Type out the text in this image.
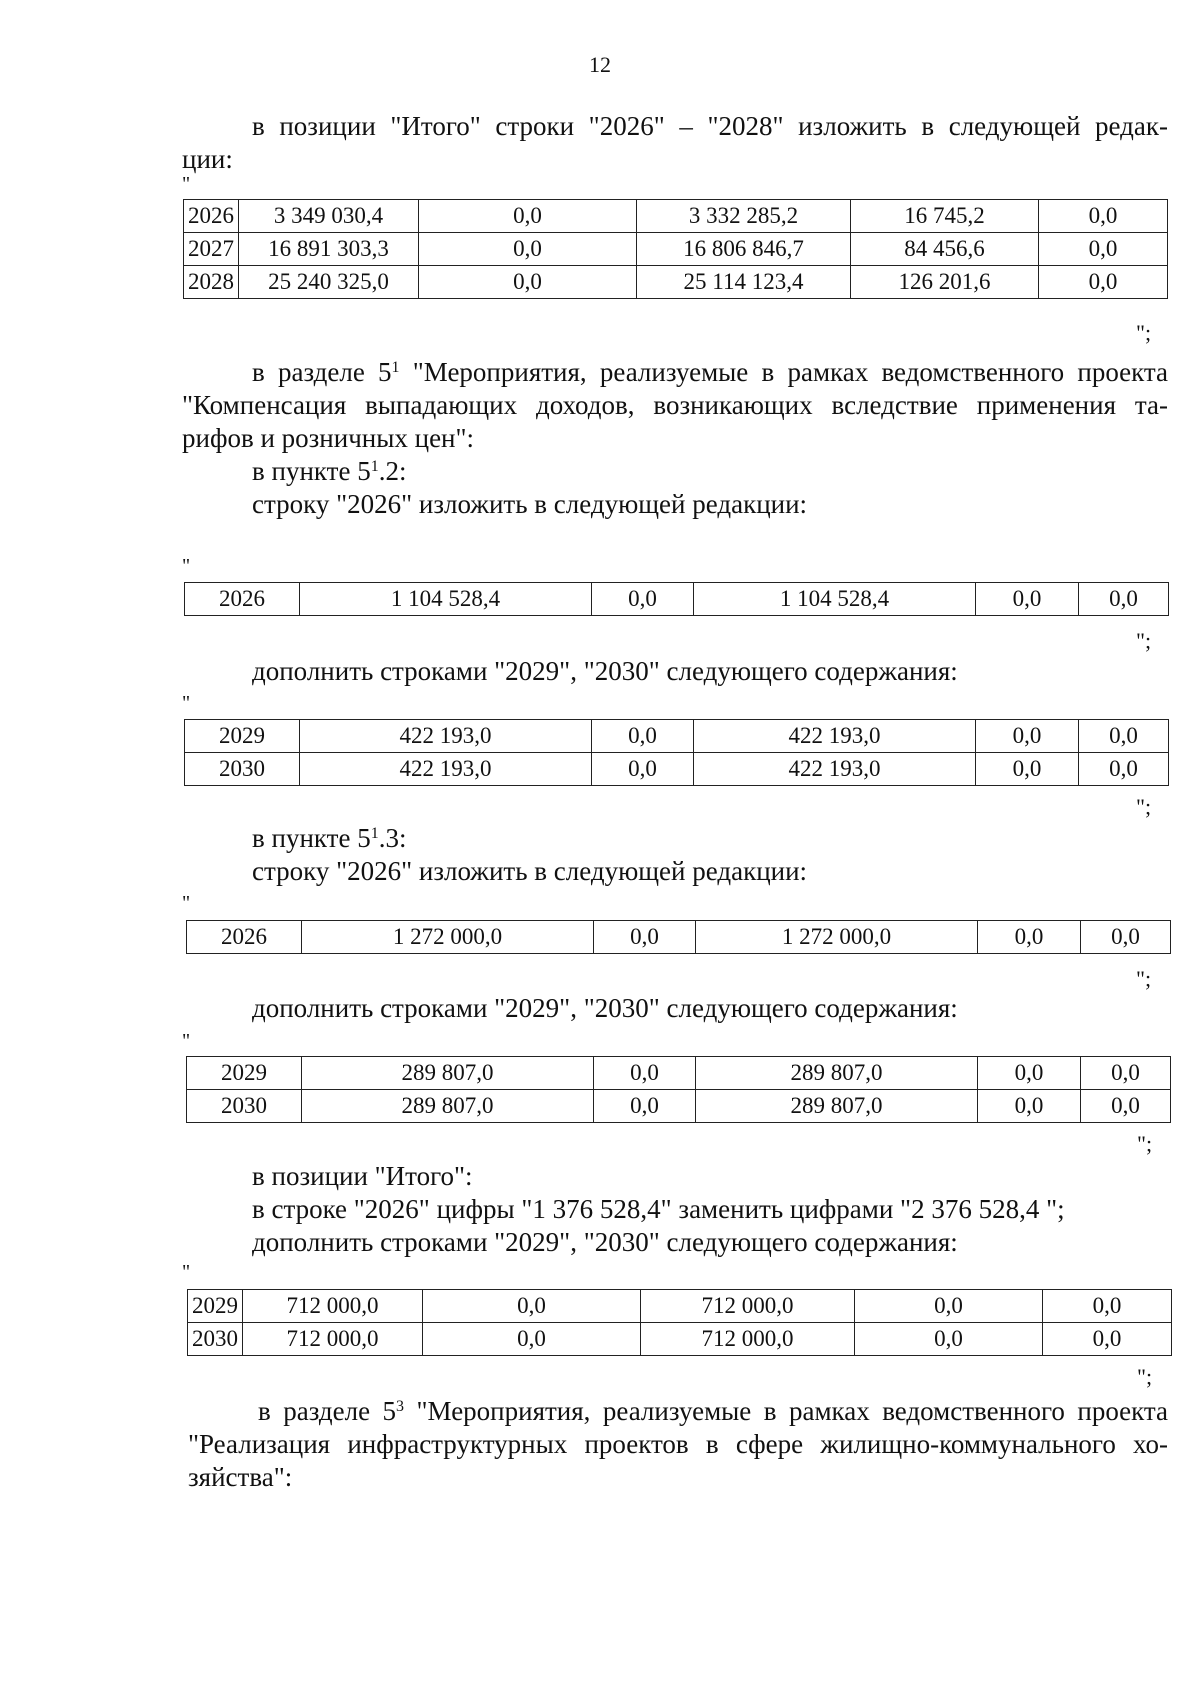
12
в позиции "Итого" строки "2026" – "2028" изложить в следующей редак-
ции:
"
2026	3 349 030,4	0,0	3 332 285,2	16 745,2	0,0
2027	16 891 303,3	0,0	16 806 846,7	84 456,6	0,0
2028	25 240 325,0	0,0	25 114 123,4	126 201,6	0,0
";
в разделе $5^1$ "Мероприятия, реализуемые в рамках ведомственного проекта
"Компенсация выпадающих доходов, возникающих вследствие применения та-
рифов и розничных цен":
в пункте $5^1.2$:
строку "2026" изложить в следующей редакции:
"
2026	1 104 528,4	0,0	1 104 528,4	0,0	0,0
";
дополнить строками "2029", "2030" следующего содержания:
"
2029	422 193,0	0,0	422 193,0	0,0	0,0
2030	422 193,0	0,0	422 193,0	0,0	0,0
";
в пункте $5^1.3$:
строку "2026" изложить в следующей редакции:
"
2026	1 272 000,0	0,0	1 272 000,0	0,0	0,0
";
дополнить строками "2029", "2030" следующего содержания:
"
2029	289 807,0	0,0	289 807,0	0,0	0,0
2030	289 807,0	0,0	289 807,0	0,0	0,0
";
в позиции "Итого":
в строке "2026" цифры "1 376 528,4" заменить цифрами "2 376 528,4 ";
дополнить строками "2029", "2030" следующего содержания:
"
2029	712 000,0	0,0	712 000,0	0,0	0,0
2030	712 000,0	0,0	712 000,0	0,0	0,0
";
в разделе $5^3$ "Мероприятия, реализуемые в рамках ведомственного проекта
"Реализация инфраструктурных проектов в сфере жилищно-коммунального хо-
зяйства":
